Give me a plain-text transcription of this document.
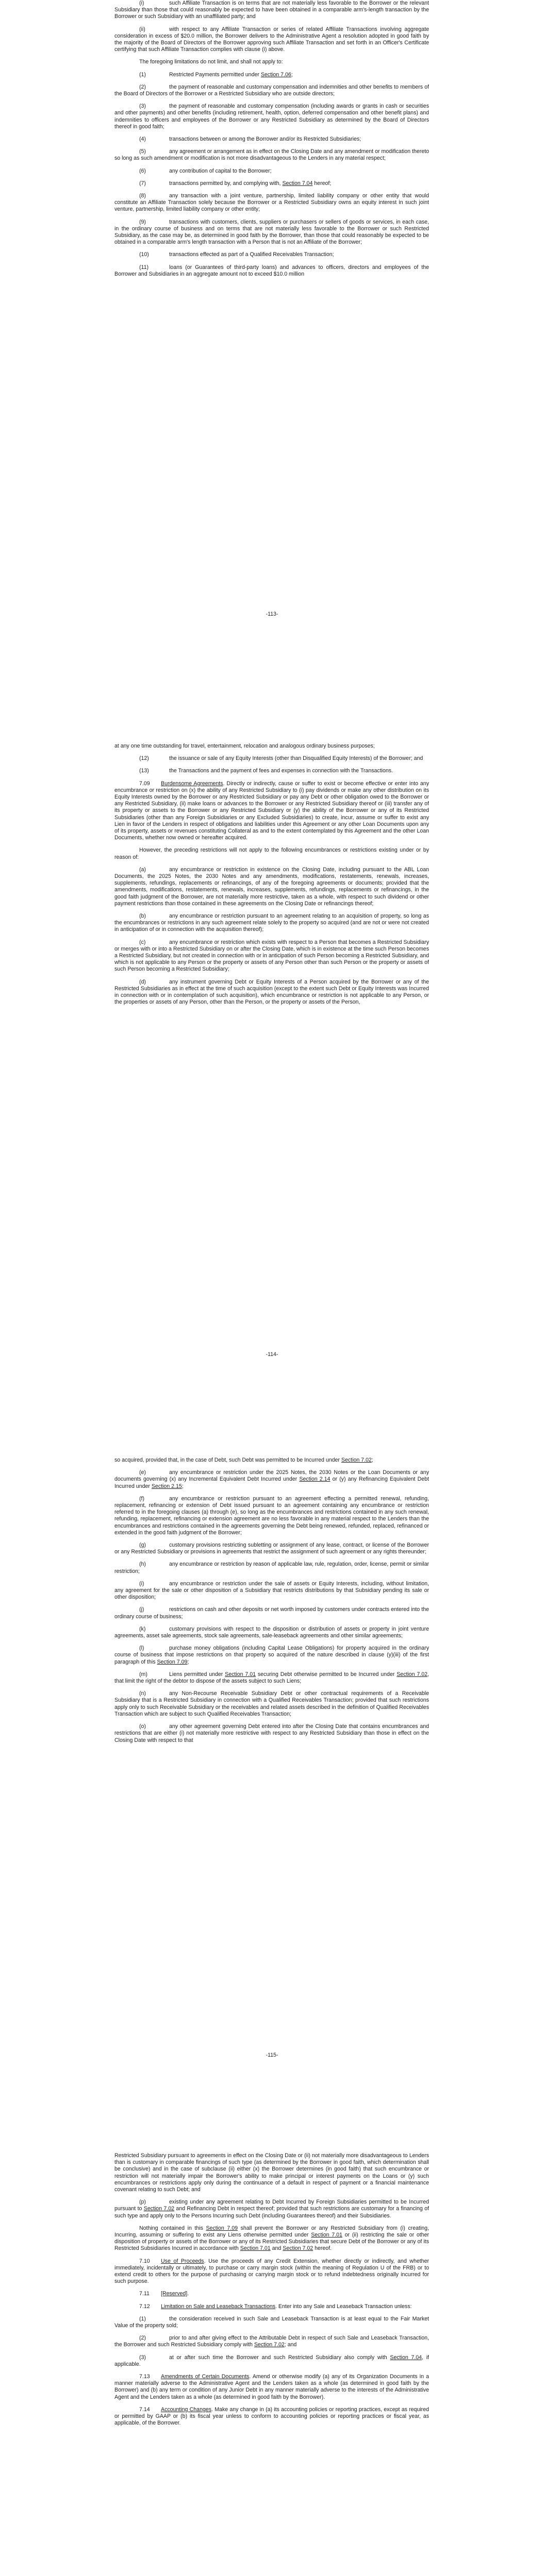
(i)	such Affiliate Transaction is on terms that are not materially less favorable to the Borrower or the relevant Subsidiary than those that could reasonably be expected to have been obtained in a comparable arm's-length transaction by the Borrower or such Subsidiary with an unaffiliated party; and

(ii)	with respect to any Affiliate Transaction or series of related Affiliate Transactions involving aggregate consideration in excess of $20.0 million, the Borrower delivers to the Administrative Agent a resolution adopted in good faith by the majority of the Board of Directors of the Borrower approving such Affiliate Transaction and set forth in an Officer's Certificate certifying that such Affiliate Transaction complies with clause (i) above.

The foregoing limitations do not limit, and shall not apply to:

(1)	Restricted Payments permitted under Section 7.06;

(2)	the payment of reasonable and customary compensation and indemnities and other benefits to members of the Board of Directors of the Borrower or a Restricted Subsidiary who are outside directors;

(3)	the payment of reasonable and customary compensation (including awards or grants in cash or securities and other payments) and other benefits (including retirement, health, option, deferred compensation and other benefit plans) and indemnities to officers and employees of the Borrower or any Restricted Subsidiary as determined by the Board of Directors thereof in good faith;

(4)	transactions between or among the Borrower and/or its Restricted Subsidiaries;

(5)	any agreement or arrangement as in effect on the Closing Date and any amendment or modification thereto so long as such amendment or modification is not more disadvantageous to the Lenders in any material respect;

(6)	any contribution of capital to the Borrower;

(7)	transactions permitted by, and complying with, Section 7.04 hereof;

(8)	any transaction with a joint venture, partnership, limited liability company or other entity that would constitute an Affiliate Transaction solely because the Borrower or a Restricted Subsidiary owns an equity interest in such joint venture, partnership, limited liability company or other entity;

(9)	transactions with customers, clients, suppliers or purchasers or sellers of goods or services, in each case, in the ordinary course of business and on terms that are not materially less favorable to the Borrower or such Restricted Subsidiary, as the case may be, as determined in good faith by the Borrower, than those that could reasonably be expected to be obtained in a comparable arm's length transaction with a Person that is not an Affiliate of the Borrower;

(10)	transactions effected as part of a Qualified Receivables Transaction;

(11)	loans (or Guarantees of third-party loans) and advances to officers, directors and employees of the Borrower and Subsidiaries in an aggregate amount not to exceed $10.0 million

-113-

at any one time outstanding for travel, entertainment, relocation and analogous ordinary business purposes;

(12)	the issuance or sale of any Equity Interests (other than Disqualified Equity Interests) of the Borrower; and

(13)	the Transactions and the payment of fees and expenses in connection with the Transactions.

7.09 Burdensome Agreements. Directly or indirectly, cause or suffer to exist or become effective or enter into any encumbrance or restriction on (x) the ability of any Restricted Subsidiary to (i) pay dividends or make any other distribution on its Equity Interests owned by the Borrower or any Restricted Subsidiary or pay any Debt or other obligation owed to the Borrower or any Restricted Subsidiary, (ii) make loans or advances to the Borrower or any Restricted Subsidiary thereof or (iii) transfer any of its property or assets to the Borrower or any Restricted Subsidiary or (y) the ability of the Borrower or any of its Restricted Subsidiaries (other than any Foreign Subsidiaries or any Excluded Subsidiaries) to create, incur, assume or suffer to exist any Lien in favor of the Lenders in respect of obligations and liabilities under this Agreement or any other Loan Documents upon any of its property, assets or revenues constituting Collateral as and to the extent contemplated by this Agreement and the other Loan Documents, whether now owned or hereafter acquired.

However, the preceding restrictions will not apply to the following encumbrances or restrictions existing under or by reason of:

(a)	any encumbrance or restriction in existence on the Closing Date, including pursuant to the ABL Loan Documents, the 2025 Notes, the 2030 Notes and any amendments, modifications, restatements, renewals, increases, supplements, refundings, replacements or refinancings, of any of the foregoing agreements or documents; provided that the amendments, modifications, restatements, renewals, increases, supplements, refundings, replacements or refinancings, in the good faith judgment of the Borrower, are not materially more restrictive, taken as a whole, with respect to such dividend or other payment restrictions than those contained in these agreements on the Closing Date or refinancings thereof;

(b)	any encumbrance or restriction pursuant to an agreement relating to an acquisition of property, so long as the encumbrances or restrictions in any such agreement relate solely to the property so acquired (and are not or were not created in anticipation of or in connection with the acquisition thereof);

(c)	any encumbrance or restriction which exists with respect to a Person that becomes a Restricted Subsidiary or merges with or into a Restricted Subsidiary on or after the Closing Date, which is in existence at the time such Person becomes a Restricted Subsidiary, but not created in connection with or in anticipation of such Person becoming a Restricted Subsidiary, and which is not applicable to any Person or the property or assets of any Person other than such Person or the property or assets of such Person becoming a Restricted Subsidiary;

(d)	any instrument governing Debt or Equity Interests of a Person acquired by the Borrower or any of the Restricted Subsidiaries as in effect at the time of such acquisition (except to the extent such Debt or Equity Interests was Incurred in connection with or in contemplation of such acquisition), which encumbrance or restriction is not applicable to any Person, or the properties or assets of any Person, other than the Person, or the property or assets of the Person,

-114-

so acquired, provided that, in the case of Debt, such Debt was permitted to be Incurred under Section 7.02;

(e)	any encumbrance or restriction under the 2025 Notes, the 2030 Notes or the Loan Documents or any documents governing (x) any Incremental Equivalent Debt Incurred under Section 2.14 or (y) any Refinancing Equivalent Debt Incurred under Section 2.15;

(f)	any encumbrance or restriction pursuant to an agreement effecting a permitted renewal, refunding, replacement, refinancing or extension of Debt issued pursuant to an agreement containing any encumbrance or restriction referred to in the foregoing clauses (a) through (e), so long as the encumbrances and restrictions contained in any such renewal, refunding, replacement, refinancing or extension agreement are no less favorable in any material respect to the Lenders than the encumbrances and restrictions contained in the agreements governing the Debt being renewed, refunded, replaced, refinanced or extended in the good faith judgment of the Borrower;

(g)	customary provisions restricting subletting or assignment of any lease, contract, or license of the Borrower or any Restricted Subsidiary or provisions in agreements that restrict the assignment of such agreement or any rights thereunder;

(h)	any encumbrance or restriction by reason of applicable law, rule, regulation, order, license, permit or similar restriction;

(i)	any encumbrance or restriction under the sale of assets or Equity Interests, including, without limitation, any agreement for the sale or other disposition of a Subsidiary that restricts distributions by that Subsidiary pending its sale or other disposition;

(j)	restrictions on cash and other deposits or net worth imposed by customers under contracts entered into the ordinary course of business;

(k)	customary provisions with respect to the disposition or distribution of assets or property in joint venture agreements, asset sale agreements, stock sale agreements, sale-leaseback agreements and other similar agreements;

(l)	purchase money obligations (including Capital Lease Obligations) for property acquired in the ordinary course of business that impose restrictions on that property so acquired of the nature described in clause (y)(iii) of the first paragraph of this Section 7.09;

(m)	Liens permitted under Section 7.01 securing Debt otherwise permitted to be Incurred under Section 7.02, that limit the right of the debtor to dispose of the assets subject to such Liens;

(n)	any Non-Recourse Receivable Subsidiary Debt or other contractual requirements of a Receivable Subsidiary that is a Restricted Subsidiary in connection with a Qualified Receivables Transaction; provided that such restrictions apply only to such Receivable Subsidiary or the receivables and related assets described in the definition of Qualified Receivables Transaction which are subject to such Qualified Receivables Transaction;

(o)	any other agreement governing Debt entered into after the Closing Date that contains encumbrances and restrictions that are either (i) not materially more restrictive with respect to any Restricted Subsidiary than those in effect on the Closing Date with respect to that

-115-

Restricted Subsidiary pursuant to agreements in effect on the Closing Date or (ii) not materially more disadvantageous to Lenders than is customary in comparable financings of such type (as determined by the Borrower in good faith, which determination shall be conclusive) and in the case of subclause (ii) either (x) the Borrower determines (in good faith) that such encumbrance or restriction will not materially impair the Borrower's ability to make principal or interest payments on the Loans or (y) such encumbrances or restrictions apply only during the continuance of a default in respect of payment or a financial maintenance covenant relating to such Debt; and

(p)	existing under any agreement relating to Debt Incurred by Foreign Subsidiaries permitted to be Incurred pursuant to Section 7.02 and Refinancing Debt in respect thereof; provided that such restrictions are customary for a financing of such type and apply only to the Persons Incurring such Debt (including Guarantees thereof) and their Subsidiaries.

Nothing contained in this Section 7.09 shall prevent the Borrower or any Restricted Subsidiary from (i) creating, Incurring, assuming or suffering to exist any Liens otherwise permitted under Section 7.01 or (ii) restricting the sale or other disposition of property or assets of the Borrower or any of its Restricted Subsidiaries that secure Debt of the Borrower or any of its Restricted Subsidiaries Incurred in accordance with Section 7.01 and Section 7.02 hereof.

7.10 Use of Proceeds. Use the proceeds of any Credit Extension, whether directly or indirectly, and whether immediately, incidentally or ultimately, to purchase or carry margin stock (within the meaning of Regulation U of the FRB) or to extend credit to others for the purpose of purchasing or carrying margin stock or to refund indebtedness originally incurred for such purpose.

7.11 [Reserved].

7.12 Limitation on Sale and Leaseback Transactions. Enter into any Sale and Leaseback Transaction unless:

(1)	the consideration received in such Sale and Leaseback Transaction is at least equal to the Fair Market Value of the property sold;

(2)	prior to and after giving effect to the Attributable Debt in respect of such Sale and Leaseback Transaction, the Borrower and such Restricted Subsidiary comply with Section 7.02; and

(3)	at or after such time the Borrower and such Restricted Subsidiary also comply with Section 7.04, if applicable.

7.13 Amendments of Certain Documents. Amend or otherwise modify (a) any of its Organization Documents in a manner materially adverse to the Administrative Agent and the Lenders taken as a whole (as determined in good faith by the Borrower) and (b) any term or condition of any Junior Debt in any manner materially adverse to the interests of the Administrative Agent and the Lenders taken as a whole (as determined in good faith by the Borrower).

7.14 Accounting Changes. Make any change in (a) its accounting policies or reporting practices, except as required or permitted by GAAP or (b) its fiscal year unless to conform to accounting policies or reporting practices or fiscal year, as applicable, of the Borrower.
